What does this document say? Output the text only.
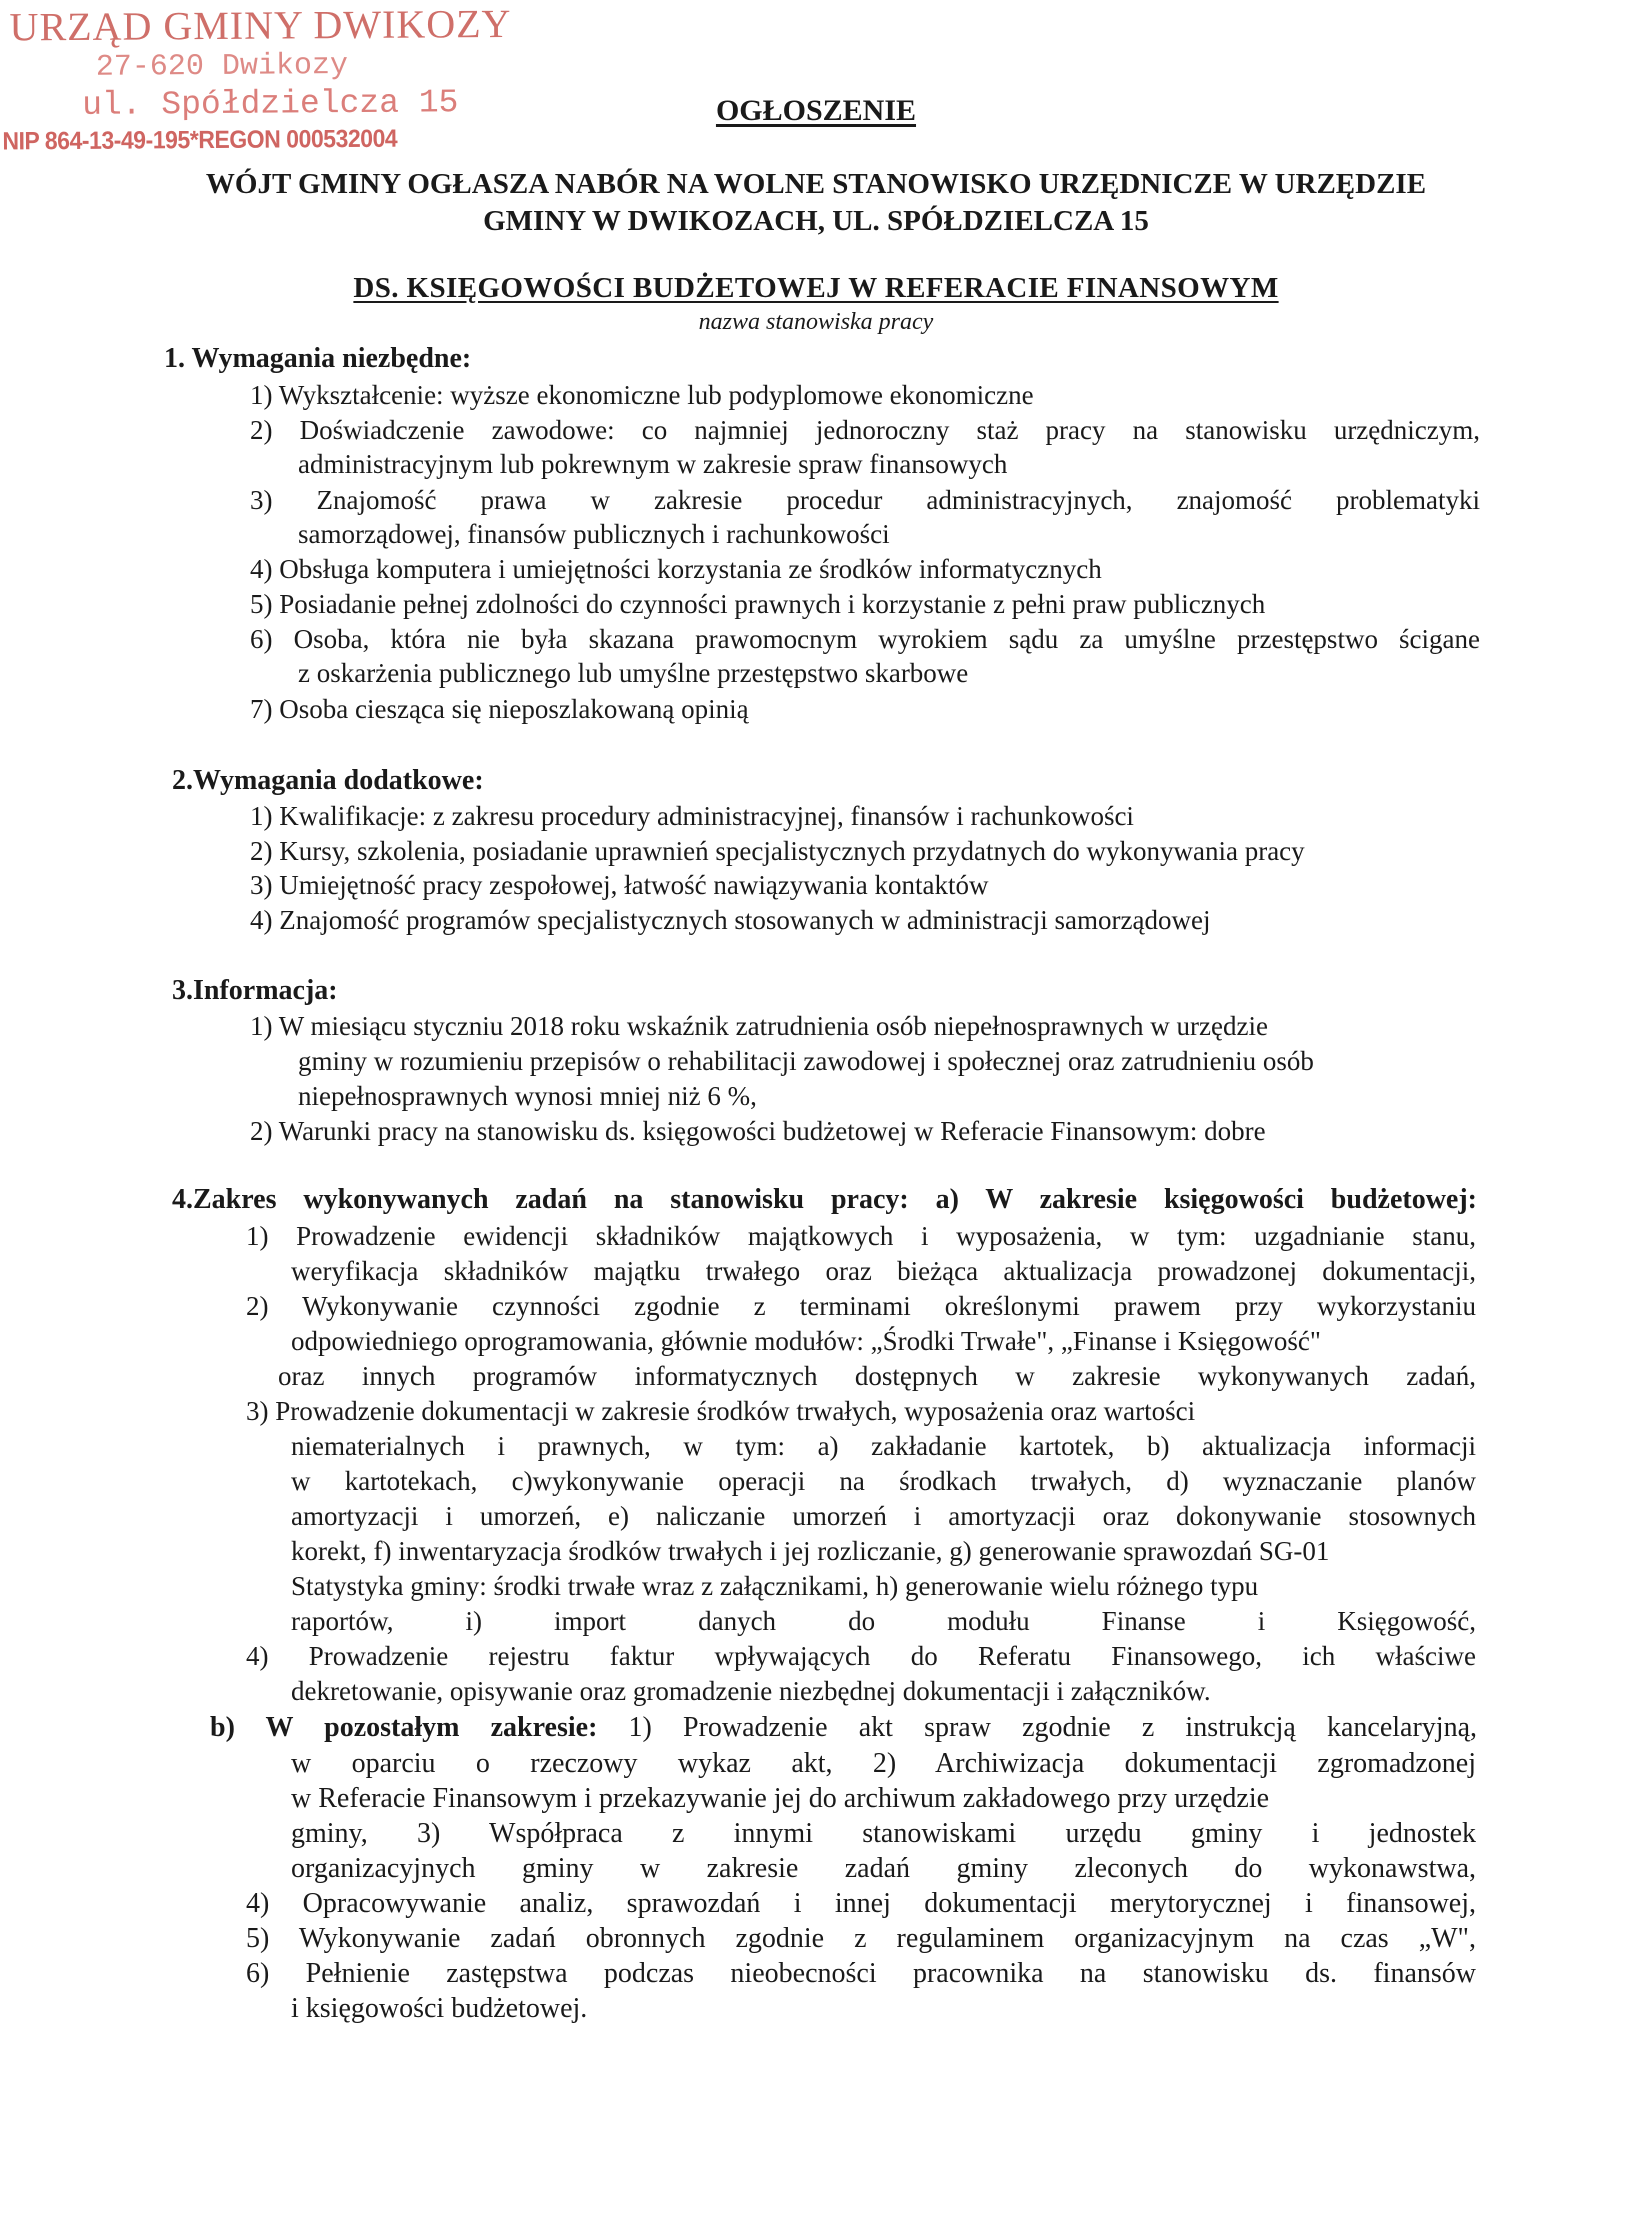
URZĄD GMINY DWIKOZY
27-620 Dwikozy
ul. Spółdzielcza 15
NIP 864-13-49-195*REGON 000532004
OGŁOSZENIE
WÓJT GMINY OGŁASZA NABÓR NA WOLNE STANOWISKO URZĘDNICZE W URZĘDZIE
GMINY W DWIKOZACH, UL. SPÓŁDZIELCZA 15
DS. KSIĘGOWOŚCI BUDŻETOWEJ W REFERACIE FINANSOWYM
nazwa stanowiska pracy
1. Wymagania niezbędne:
1) Wykształcenie: wyższe ekonomiczne lub podyplomowe ekonomiczne
2) Doświadczenie zawodowe: co najmniej jednoroczny staż pracy na stanowisku urzędniczym,
administracyjnym lub pokrewnym w zakresie spraw finansowych
3) Znajomość prawa w zakresie procedur administracyjnych, znajomość problematyki
samorządowej, finansów publicznych i rachunkowości
4) Obsługa komputera i umiejętności korzystania ze środków informatycznych
5) Posiadanie pełnej zdolności do czynności prawnych i korzystanie z pełni praw publicznych
6) Osoba, która nie była skazana prawomocnym wyrokiem sądu za umyślne przestępstwo ścigane
z oskarżenia publicznego lub umyślne przestępstwo skarbowe
7) Osoba ciesząca się nieposzlakowaną opinią
2.Wymagania dodatkowe:
1) Kwalifikacje: z zakresu procedury administracyjnej, finansów i rachunkowości
2) Kursy, szkolenia, posiadanie uprawnień specjalistycznych przydatnych do wykonywania pracy
3) Umiejętność pracy zespołowej, łatwość nawiązywania kontaktów
4) Znajomość programów specjalistycznych stosowanych w administracji samorządowej
3.Informacja:
1) W miesiącu styczniu 2018 roku wskaźnik zatrudnienia osób niepełnosprawnych w urzędzie
gminy w rozumieniu przepisów o rehabilitacji zawodowej i społecznej oraz zatrudnieniu osób
niepełnosprawnych wynosi mniej niż 6 %,
2) Warunki pracy na stanowisku ds. księgowości budżetowej w Referacie Finansowym: dobre
4.Zakres wykonywanych zadań na stanowisku pracy: a) W zakresie księgowości budżetowej:
1) Prowadzenie ewidencji składników majątkowych i wyposażenia, w tym: uzgadnianie stanu,
weryfikacja składników majątku trwałego oraz bieżąca aktualizacja prowadzonej dokumentacji,
2) Wykonywanie czynności zgodnie z terminami określonymi prawem przy wykorzystaniu
odpowiedniego oprogramowania, głównie modułów: „Środki Trwałe", „Finanse i Księgowość"
oraz innych programów informatycznych dostępnych w zakresie wykonywanych zadań,
3) Prowadzenie dokumentacji w zakresie środków trwałych, wyposażenia oraz wartości
niematerialnych i prawnych, w tym: a) zakładanie kartotek, b) aktualizacja informacji
w kartotekach, c)wykonywanie operacji na środkach trwałych, d) wyznaczanie planów
amortyzacji i umorzeń, e) naliczanie umorzeń i amortyzacji oraz dokonywanie stosownych
korekt, f) inwentaryzacja środków trwałych i jej rozliczanie, g) generowanie sprawozdań SG-01
Statystyka gminy: środki trwałe wraz z załącznikami, h) generowanie wielu różnego typu
raportów, i) import danych do modułu Finanse i Księgowość,
4) Prowadzenie rejestru faktur wpływających do Referatu Finansowego, ich właściwe
dekretowanie, opisywanie oraz gromadzenie niezbędnej dokumentacji i załączników.
b) W pozostałym zakresie: 1) Prowadzenie akt spraw zgodnie z instrukcją kancelaryjną,
w oparciu o rzeczowy wykaz akt, 2) Archiwizacja dokumentacji zgromadzonej
w Referacie Finansowym i przekazywanie jej do archiwum zakładowego przy urzędzie
gminy, 3) Współpraca z innymi stanowiskami urzędu gminy i jednostek
organizacyjnych gminy w zakresie zadań gminy zleconych do wykonawstwa,
4) Opracowywanie analiz, sprawozdań i innej dokumentacji merytorycznej i finansowej,
5) Wykonywanie zadań obronnych zgodnie z regulaminem organizacyjnym na czas „W",
6) Pełnienie zastępstwa podczas nieobecności pracownika na stanowisku ds. finansów
i księgowości budżetowej.
